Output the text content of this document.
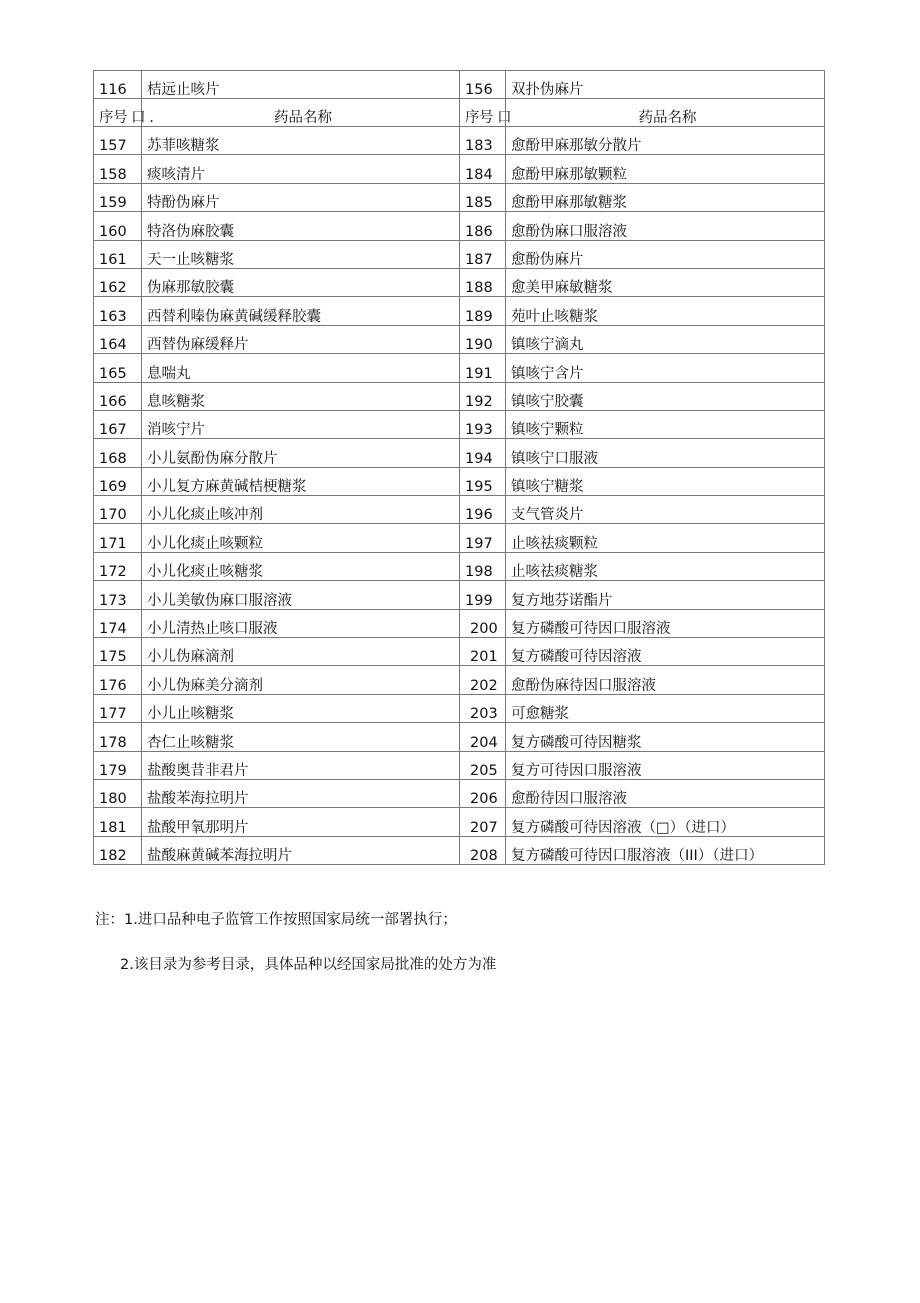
116	桔远止咳片	156	双扑伪麻片
序号 口 .	药品名称	序号 口	药品名称
157	苏菲咳糖浆	183	愈酚甲麻那敏分散片
158	痰咳清片	184	愈酚甲麻那敏颗粒
159	特酚伪麻片	185	愈酚甲麻那敏糖浆
160	特洛伪麻胶囊	186	愈酚伪麻口服溶液
161	天一止咳糖浆	187	愈酚伪麻片
162	伪麻那敏胶囊	188	愈美甲麻敏糖浆
163	西替利嗪伪麻黄碱缓释胶囊	189	苑叶止咳糖浆
164	西替伪麻缓释片	190	镇咳宁滴丸
165	息喘丸	191	镇咳宁含片
166	息咳糖浆	192	镇咳宁胶囊
167	消咳宁片	193	镇咳宁颗粒
168	小儿氨酚伪麻分散片	194	镇咳宁口服液
169	小儿复方麻黄碱桔梗糖浆	195	镇咳宁糖浆
170	小儿化痰止咳冲剂	196	支气管炎片
171	小儿化痰止咳颗粒	197	止咳祛痰颗粒
172	小儿化痰止咳糖浆	198	止咳祛痰糖浆
173	小儿美敏伪麻口服溶液	199	复方地芬诺酯片
174	小儿清热止咳口服液	200	复方磷酸可待因口服溶液
175	小儿伪麻滴剂	201	复方磷酸可待因溶液
176	小儿伪麻美分滴剂	202	愈酚伪麻待因口服溶液
177	小儿止咳糖浆	203	可愈糖浆
178	杏仁止咳糖浆	204	复方磷酸可待因糖浆
179	盐酸奥昔非君片	205	复方可待因口服溶液
180	盐酸苯海拉明片	206	愈酚待因口服溶液
181	盐酸甲氧那明片	207	复方磷酸可待因溶液（□）（进口）
182	盐酸麻黄碱苯海拉明片	208	复方磷酸可待因口服溶液（III）（进口）
注：1.进口品种电子监管工作按照国家局统一部署执行；
2.该目录为参考目录，具体品种以经国家局批准的处方为准
